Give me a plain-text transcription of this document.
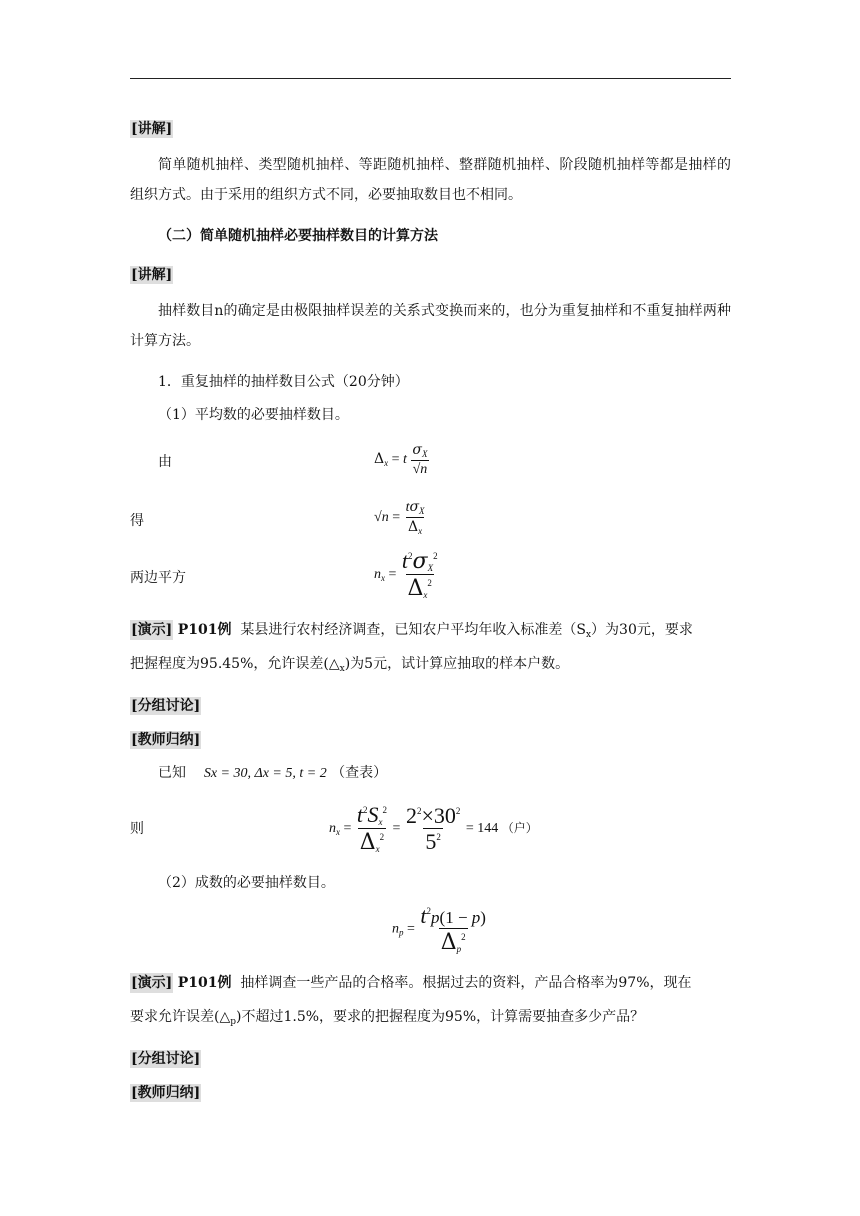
[讲解]
简单随机抽样、类型随机抽样、等距随机抽样、整群随机抽样、阶段随机抽样等都是抽样的组织方式。由于采用的组织方式不同，必要抽取数目也不相同。
（二）简单随机抽样必要抽样数目的计算方法
[讲解]
抽样数目n的确定是由极限抽样误差的关系式变换而来的，也分为重复抽样和不重复抽样两种计算方法。
1．重复抽样的抽样数目公式（20分钟）
（1）平均数的必要抽样数目。
由	$\Delta_x = t \frac{\sigma_X}{√n}$
得	$√n = \frac{t\sigma_X}{\Delta_x}$
两边平方	$n_x = \frac{t^2\sigma_X^2}{\Delta_x^2}$
[演示] P101例 某县进行农村经济调查，已知农户平均年收入标准差$(S_x)$为30元，要求
把握程度为95.45%，允许误差$(\triangle_x)$为5元，试计算应抽取的样本户数。
[分组讨论]
[教师归纳]
已知 Sx = 30, Δx = 5, t = 2 （查表）
则	$n_x = \frac{t^2S_x^2}{\Delta_x^2} = \frac{2^2\times 30^2}{5^2} = 144$ （户）
（2）成数的必要抽样数目。
$n_p = \frac{t^2p(1 - p)}{\Delta_p^2}$
[演示] P101例 抽样调查一些产品的合格率。根据过去的资料，产品合格率为97%，现在
要求允许误差$(\triangle_p)$不超过1.5%，要求的把握程度为95%，计算需要抽查多少产品？
[分组讨论]
[教师归纳]
